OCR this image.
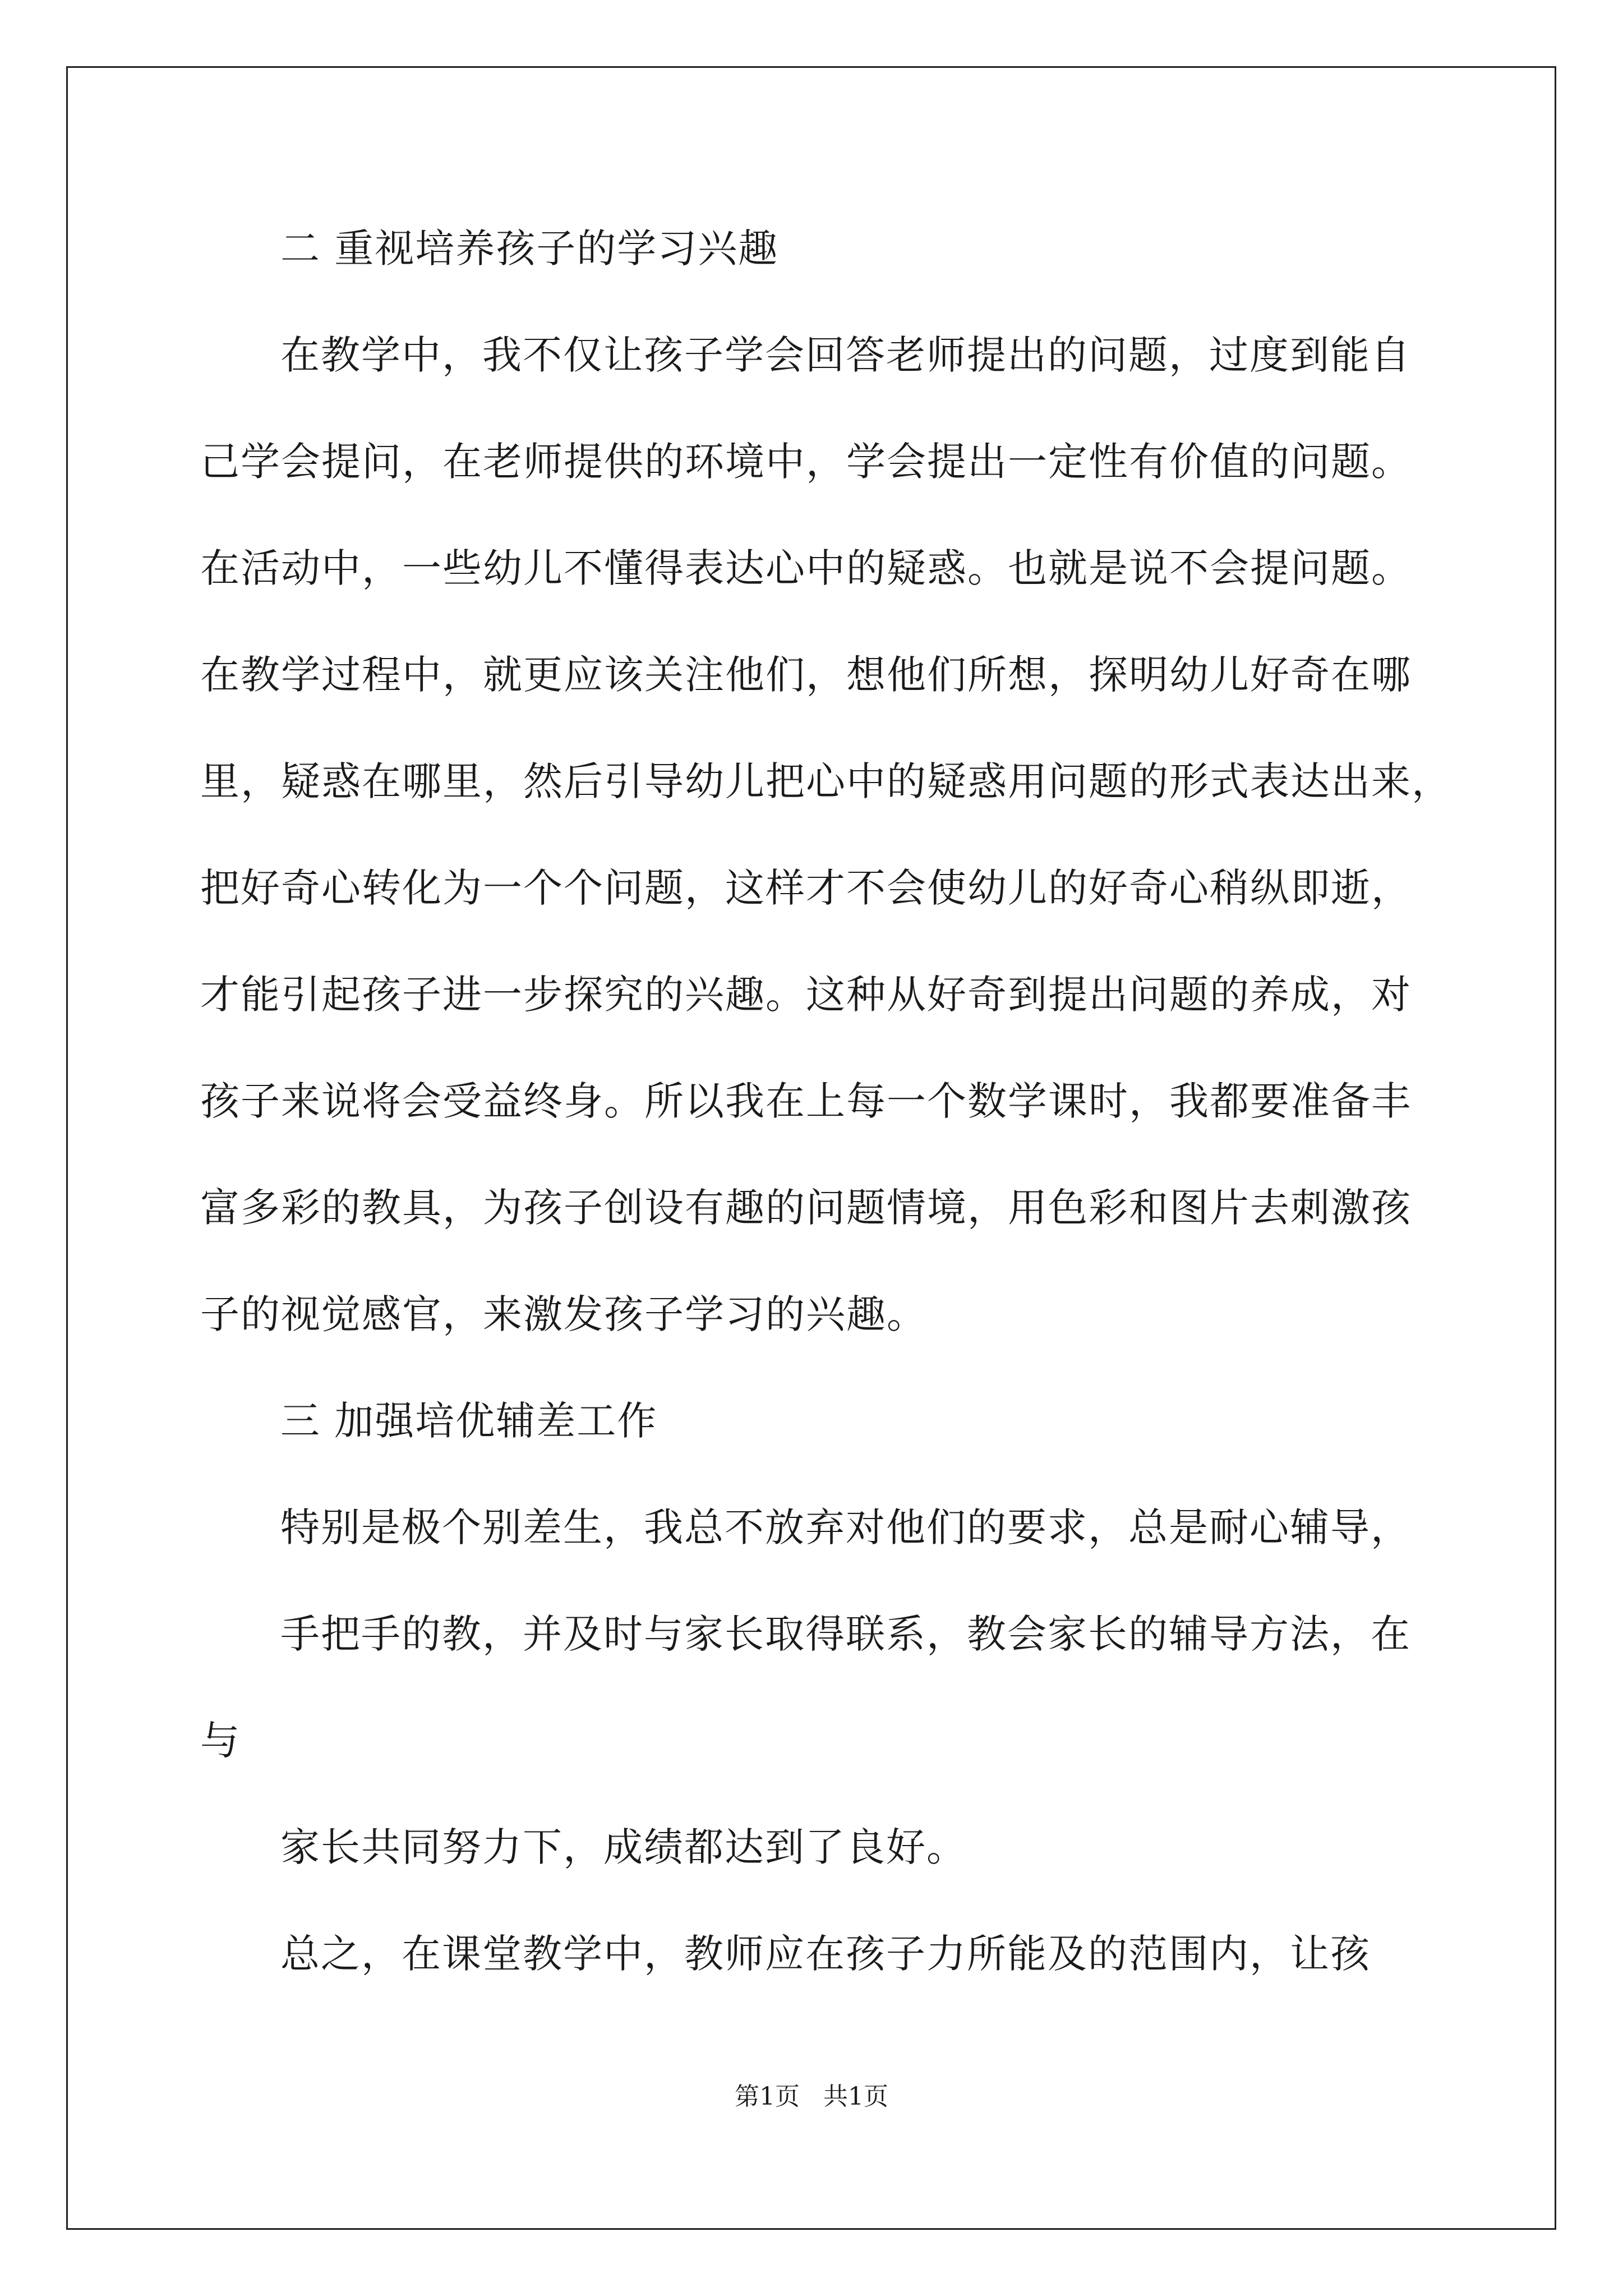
二 重视培养孩子的学习兴趣
在教学中，我不仅让孩子学会回答老师提出的问题，过度到能自
己学会提问，在老师提供的环境中，学会提出一定性有价值的问题。
在活动中，一些幼儿不懂得表达心中的疑惑。也就是说不会提问题。
在教学过程中，就更应该关注他们，想他们所想，探明幼儿好奇在哪
里，疑惑在哪里，然后引导幼儿把心中的疑惑用问题的形式表达出来，
把好奇心转化为一个个问题，这样才不会使幼儿的好奇心稍纵即逝，
才能引起孩子进一步探究的兴趣。这种从好奇到提出问题的养成，对
孩子来说将会受益终身。所以我在上每一个数学课时，我都要准备丰
富多彩的教具，为孩子创设有趣的问题情境，用色彩和图片去刺激孩
子的视觉感官，来激发孩子学习的兴趣。
三 加强培优辅差工作
特别是极个别差生，我总不放弃对他们的要求，总是耐心辅导，
手把手的教，并及时与家长取得联系，教会家长的辅导方法，在
与
家长共同努力下，成绩都达到了良好。
总之，在课堂教学中，教师应在孩子力所能及的范围内，让孩
第1页   共1页
